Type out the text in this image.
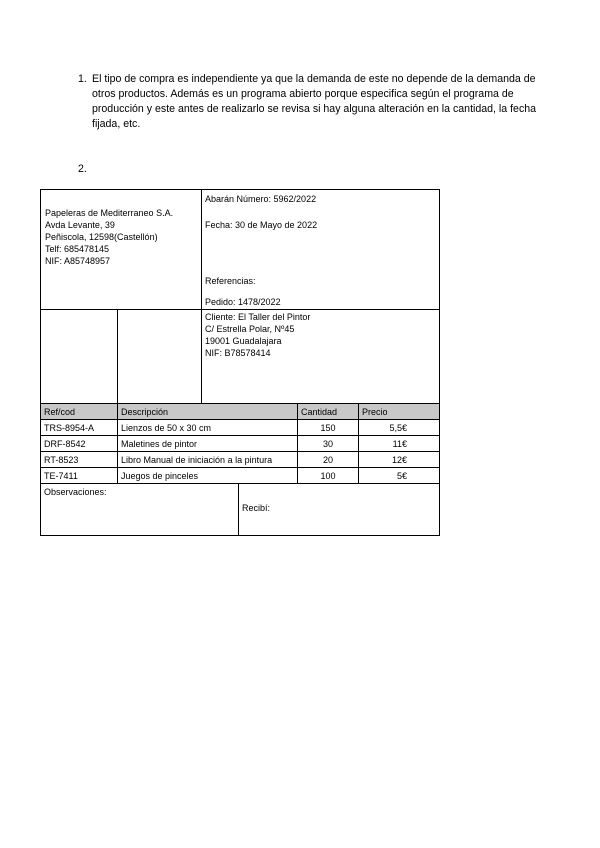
1. El tipo de compra es independiente ya que la demanda de este no depende de la demanda de otros productos. Además es un programa abierto porque especifica según el programa de producción y este antes de realizarlo se revisa si hay alguna alteración en la cantidad, la fecha fijada, etc.
2.
Papeleras de Mediterraneo S.A.
Avda Levante, 39
Peñiscola, 12598(Castellón)
Telf: 685478145
NIF: A85748957
Abarán Número: 5962/2022
Fecha: 30 de Mayo de 2022
Referencias:
Pedido: 1478/2022
Cliente: El Taller del Pintor
C/ Estrella Polar, Nº45
19001 Guadalajara
NIF: B78578414
Ref/cod	Descripción	Cantidad	Precio
TRS-8954-A	Lienzos de 50 x 30 cm	150	5,5€
DRF-8542	Maletines de pintor	30	11€
RT-8523	Libro Manual de iniciación a la pintura	20	12€
TE-7411	Juegos de pinceles	100	5€
Observaciones:
Recibí:
